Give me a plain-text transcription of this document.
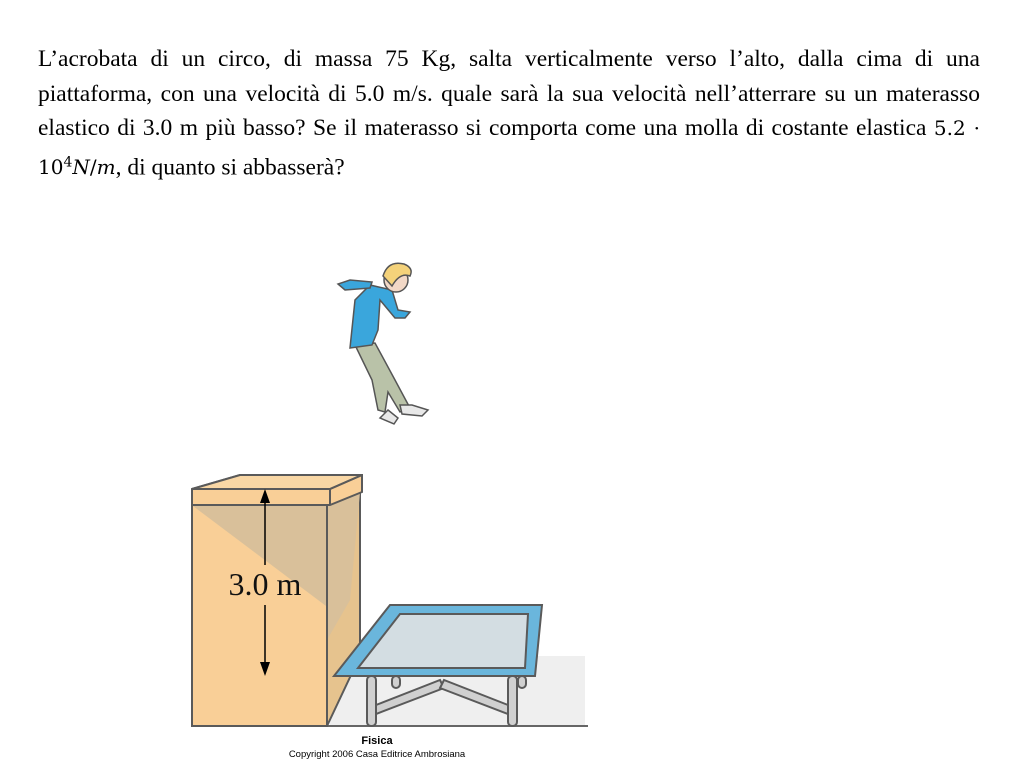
L’acrobata di un circo, di massa 75 Kg, salta verticalmente verso l’alto, dalla cima di una piattaforma, con una velocità di 5.0 m/s. quale sarà la sua velocità nell’atterrare su un materasso elastico di 3.0 m più basso? Se il materasso si comporta come una molla di costante elastica $5.2 \cdot 10^4N/m$, di quanto si abbasserà?

3.0 m
Fisica
Copyright 2006 Casa Editrice Ambrosiana
